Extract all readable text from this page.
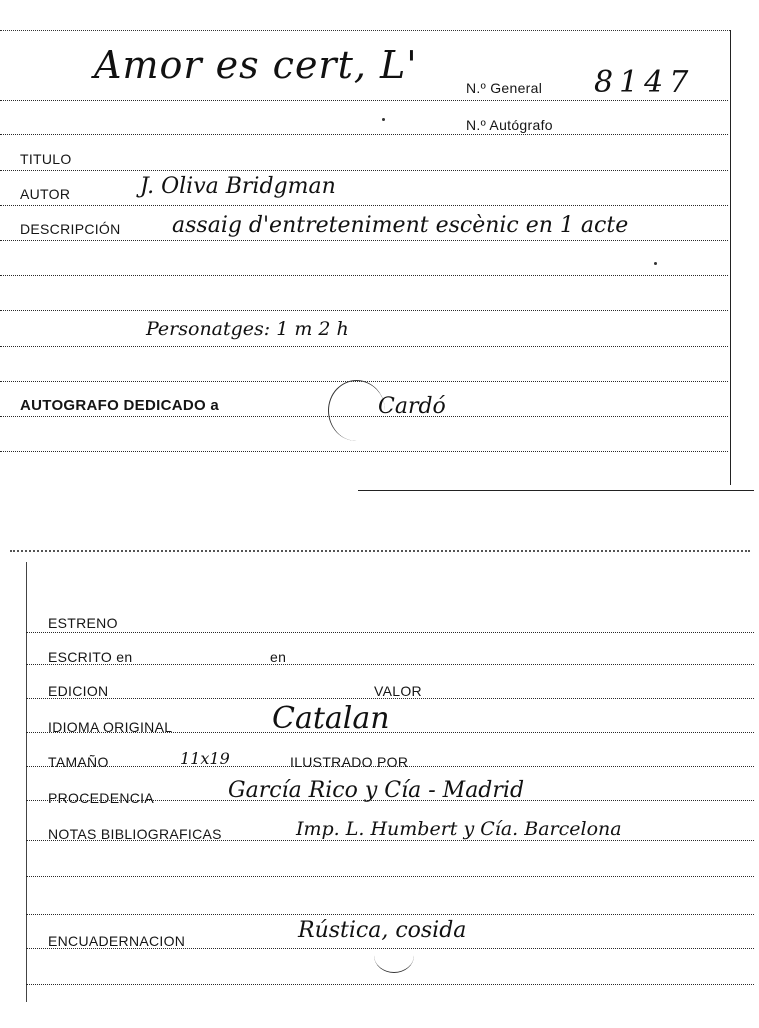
Amor es cert, L'
N.º General 8147
N.º Autógrafo
TITULO
AUTOR	J. Oliva Bridgman
DESCRIPCIÓN assaig d'entreteniment escènic en 1 acte
Personatges: 1 m 2 h
AUTOGRAFO DEDICADO a	Cardó
ESTRENO
ESCRITO en	en
EDICION	VALOR
IDIOMA ORIGINAL	Catalan
TAMAÑO	11x19	ILUSTRADO POR
PROCEDENCIA	García Rico y Cía - Madrid
NOTAS BIBLIOGRAFICAS	Imp. L. Humbert y Cía. Barcelona
ENCUADERNACION	Rústica, cosida
